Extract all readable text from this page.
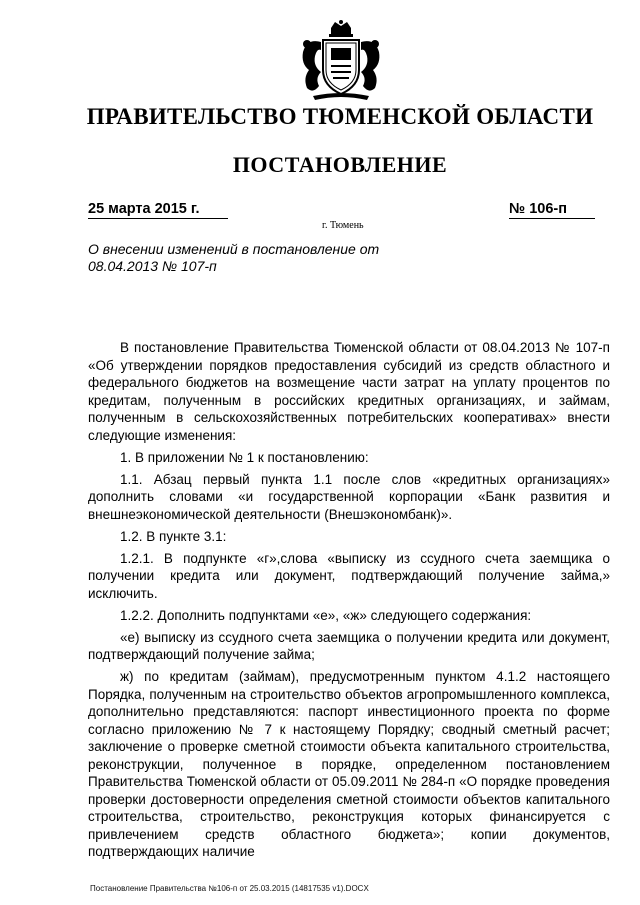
ПРАВИТЕЛЬСТВО ТЮМЕНСКОЙ ОБЛАСТИ
ПОСТАНОВЛЕНИЕ
25 марта 2015 г.	№ 106-п
г. Тюмень
О внесении изменений в постановление от 08.04.2013 № 107-п

В постановление Правительства Тюменской области от 08.04.2013 № 107-п «Об утверждении порядков предоставления субсидий из средств областного и федерального бюджетов на возмещение части затрат на уплату процентов по кредитам, полученным в российских кредитных организациях, и займам, полученным в сельскохозяйственных потребительских кооперативах» внести следующие изменения:

1. В приложении № 1 к постановлению:

1.1. Абзац первый пункта 1.1 после слов «кредитных организациях» дополнить словами «и государственной корпорации «Банк развития и внешнеэкономической деятельности (Внешэкономбанк)».

1.2. В пункте 3.1:

1.2.1. В подпункте «г»,слова «выписку из ссудного счета заемщика о получении кредита или документ, подтверждающий получение займа,» исключить.

1.2.2. Дополнить подпунктами «е», «ж» следующего содержания:

«е) выписку из ссудного счета заемщика о получении кредита или документ, подтверждающий получение займа;

ж) по кредитам (займам), предусмотренным пунктом 4.1.2 настоящего Порядка, полученным на строительство объектов агропромышленного комплекса, дополнительно представляются: паспорт инвестиционного проекта по форме согласно приложению № 7 к настоящему Порядку; сводный сметный расчет; заключение о проверке сметной стоимости объекта капитального строительства, реконструкции, полученное в порядке, определенном постановлением Правительства Тюменской области от 05.09.2011 № 284-п «О порядке проведения проверки достоверности определения сметной стоимости объектов капитального строительства, строительство, реконструкция которых финансируется с привлечением средств областного бюджета»; копии документов, подтверждающих наличие

Постановление Правительства №106-п от 25.03.2015 (14817535 v1).DOCX
